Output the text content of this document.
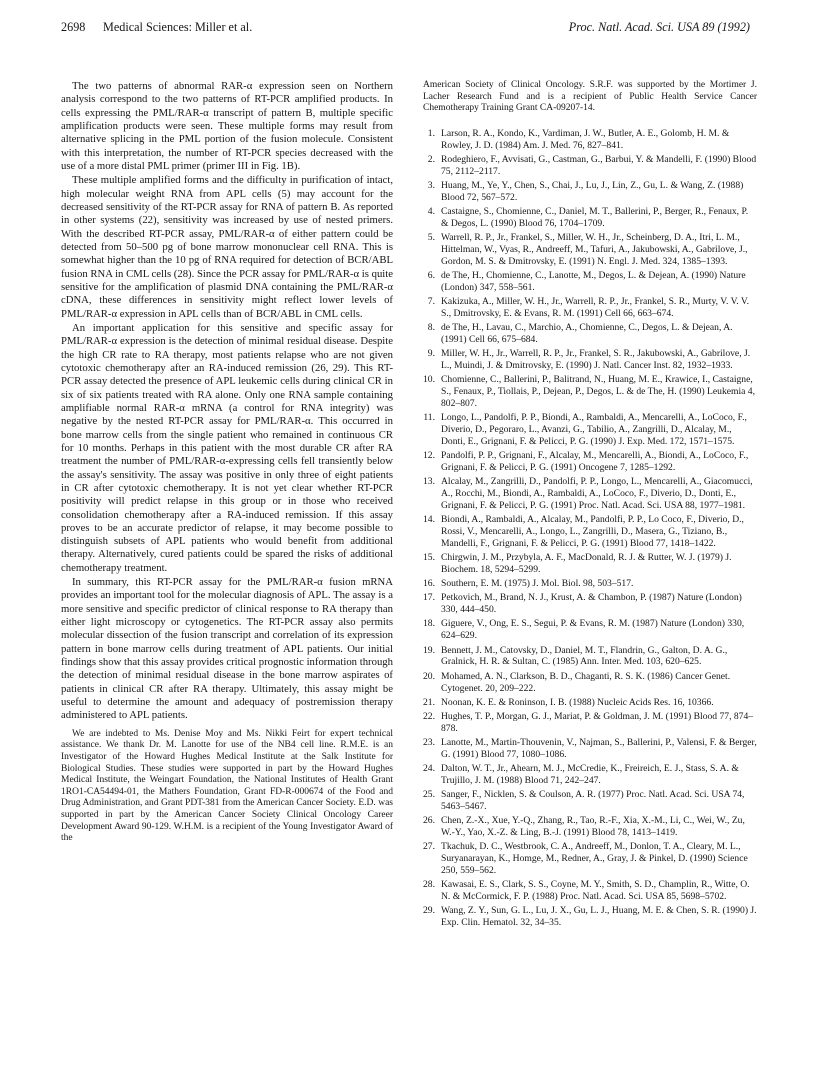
2698 Medical Sciences: Miller et al.	Proc. Natl. Acad. Sci. USA 89 (1992)

The two patterns of abnormal RAR-α expression seen on Northern analysis correspond to the two patterns of RT-PCR amplified products. In cells expressing the PML/RAR-α transcript of pattern B, multiple specific amplification products were seen. These multiple forms may result from alternative splicing in the PML portion of the fusion molecule. Consistent with this interpretation, the number of RT-PCR species decreased with the use of a more distal PML primer (primer III in Fig. 1B).

These multiple amplified forms and the difficulty in purification of intact, high molecular weight RNA from APL cells (5) may account for the decreased sensitivity of the RT-PCR assay for RNA of pattern B. As reported in other systems (22), sensitivity was increased by use of nested primers. With the described RT-PCR assay, PML/RAR-α of either pattern could be detected from 50–500 pg of bone marrow mononuclear cell RNA. This is somewhat higher than the 10 pg of RNA required for detection of BCR/ABL fusion RNA in CML cells (28). Since the PCR assay for PML/RAR-α is quite sensitive for the amplification of plasmid DNA containing the PML/RAR-α cDNA, these differences in sensitivity might reflect lower levels of PML/RAR-α expression in APL cells than of BCR/ABL in CML cells.

An important application for this sensitive and specific assay for PML/RAR-α expression is the detection of minimal residual disease. Despite the high CR rate to RA therapy, most patients relapse who are not given cytotoxic chemotherapy after an RA-induced remission (26, 29). This RT-PCR assay detected the presence of APL leukemic cells during clinical CR in six of six patients treated with RA alone. Only one RNA sample containing amplifiable normal RAR-α mRNA (a control for RNA integrity) was negative by the nested RT-PCR assay for PML/RAR-α. This occurred in bone marrow cells from the single patient who remained in continuous CR for 10 months. Perhaps in this patient with the most durable CR after RA treatment the number of PML/RAR-α-expressing cells fell transiently below the assay's sensitivity. The assay was positive in only three of eight patients in CR after cytotoxic chemotherapy. It is not yet clear whether RT-PCR positivity will predict relapse in this group or in those who received consolidation chemotherapy after a RA-induced remission. If this assay proves to be an accurate predictor of relapse, it may become possible to distinguish subsets of APL patients who would benefit from additional therapy. Alternatively, cured patients could be spared the risks of additional chemotherapy treatment.

In summary, this RT-PCR assay for the PML/RAR-α fusion mRNA provides an important tool for the molecular diagnosis of APL. The assay is a more sensitive and specific predictor of clinical response to RA therapy than either light microscopy or cytogenetics. The RT-PCR assay also permits molecular dissection of the fusion transcript and correlation of its expression pattern in bone marrow cells during treatment of APL patients. Our initial findings show that this assay provides critical prognostic information through the detection of minimal residual disease in the bone marrow aspirates of patients in clinical CR after RA therapy. Ultimately, this assay might be useful to determine the amount and adequacy of postremission therapy administered to APL patients.

We are indebted to Ms. Denise Moy and Ms. Nikki Feirt for expert technical assistance. We thank Dr. M. Lanotte for use of the NB4 cell line. R.M.E. is an Investigator of the Howard Hughes Medical Institute at the Salk Institute for Biological Studies. These studies were supported in part by the Howard Hughes Medical Institute, the Weingart Foundation, the National Institutes of Health Grant 1RO1-CA54494-01, the Mathers Foundation, Grant FD-R-000674 of the Food and Drug Administration, and Grant PDT-381 from the American Cancer Society. E.D. was supported in part by the American Cancer Society Clinical Oncology Career Development Award 90-129. W.H.M. is a recipient of the Young Investigator Award of the

American Society of Clinical Oncology. S.R.F. was supported by the Mortimer J. Lacher Research Fund and is a recipient of Public Health Service Cancer Chemotherapy Training Grant CA-09207-14.

1. Larson, R. A., Kondo, K., Vardiman, J. W., Butler, A. E., Golomb, H. M. & Rowley, J. D. (1984) Am. J. Med. 76, 827–841.
2. Rodeghiero, F., Avvisati, G., Castman, G., Barbui, Y. & Mandelli, F. (1990) Blood 75, 2112–2117.
3. Huang, M., Ye, Y., Chen, S., Chai, J., Lu, J., Lin, Z., Gu, L. & Wang, Z. (1988) Blood 72, 567–572.
4. Castaigne, S., Chomienne, C., Daniel, M. T., Ballerini, P., Berger, R., Fenaux, P. & Degos, L. (1990) Blood 76, 1704–1709.
5. Warrell, R. P., Jr., Frankel, S., Miller, W. H., Jr., Scheinberg, D. A., Itri, L. M., Hittelman, W., Vyas, R., Andreeff, M., Tafuri, A., Jakubowski, A., Gabrilove, J., Gordon, M. S. & Dmitrovsky, E. (1991) N. Engl. J. Med. 324, 1385–1393.
6. de The, H., Chomienne, C., Lanotte, M., Degos, L. & Dejean, A. (1990) Nature (London) 347, 558–561.
7. Kakizuka, A., Miller, W. H., Jr., Warrell, R. P., Jr., Frankel, S. R., Murty, V. V. V. S., Dmitrovsky, E. & Evans, R. M. (1991) Cell 66, 663–674.
8. de The, H., Lavau, C., Marchio, A., Chomienne, C., Degos, L. & Dejean, A. (1991) Cell 66, 675–684.
9. Miller, W. H., Jr., Warrell, R. P., Jr., Frankel, S. R., Jakubowski, A., Gabrilove, J. L., Muindi, J. & Dmitrovsky, E. (1990) J. Natl. Cancer Inst. 82, 1932–1933.
10. Chomienne, C., Ballerini, P., Balitrand, N., Huang, M. E., Krawice, I., Castaigne, S., Fenaux, P., Tiollais, P., Dejean, P., Degos, L. & de The, H. (1990) Leukemia 4, 802–807.
11. Longo, L., Pandolfi, P. P., Biondi, A., Rambaldi, A., Mencarelli, A., LoCoco, F., Diverio, D., Pegoraro, L., Avanzi, G., Tabilio, A., Zangrilli, D., Alcalay, M., Donti, E., Grignani, F. & Pelicci, P. G. (1990) J. Exp. Med. 172, 1571–1575.
12. Pandolfi, P. P., Grignani, F., Alcalay, M., Mencarelli, A., Biondi, A., LoCoco, F., Grignani, F. & Pelicci, P. G. (1991) Oncogene 7, 1285–1292.
13. Alcalay, M., Zangrilli, D., Pandolfi, P. P., Longo, L., Mencarelli, A., Giacomucci, A., Rocchi, M., Biondi, A., Rambaldi, A., LoCoco, F., Diverio, D., Donti, E., Grignani, F. & Pelicci, P. G. (1991) Proc. Natl. Acad. Sci. USA 88, 1977–1981.
14. Biondi, A., Rambaldi, A., Alcalay, M., Pandolfi, P. P., Lo Coco, F., Diverio, D., Rossi, V., Mencarelli, A., Longo, L., Zangrilli, D., Masera, G., Tiziano, B., Mandelli, F., Grignani, F. & Pelicci, P. G. (1991) Blood 77, 1418–1422.
15. Chirgwin, J. M., Przybyla, A. F., MacDonald, R. J. & Rutter, W. J. (1979) J. Biochem. 18, 5294–5299.
16. Southern, E. M. (1975) J. Mol. Biol. 98, 503–517.
17. Petkovich, M., Brand, N. J., Krust, A. & Chambon, P. (1987) Nature (London) 330, 444–450.
18. Giguere, V., Ong, E. S., Segui, P. & Evans, R. M. (1987) Nature (London) 330, 624–629.
19. Bennett, J. M., Catovsky, D., Daniel, M. T., Flandrin, G., Galton, D. A. G., Gralnick, H. R. & Sultan, C. (1985) Ann. Inter. Med. 103, 620–625.
20. Mohamed, A. N., Clarkson, B. D., Chaganti, R. S. K. (1986) Cancer Genet. Cytogenet. 20, 209–222.
21. Noonan, K. E. & Roninson, I. B. (1988) Nucleic Acids Res. 16, 10366.
22. Hughes, T. P., Morgan, G. J., Mariat, P. & Goldman, J. M. (1991) Blood 77, 874–878.
23. Lanotte, M., Martin-Thouvenin, V., Najman, S., Ballerini, P., Valensi, F. & Berger, G. (1991) Blood 77, 1080–1086.
24. Dalton, W. T., Jr., Ahearn, M. J., McCredie, K., Freireich, E. J., Stass, S. A. & Trujillo, J. M. (1988) Blood 71, 242–247.
25. Sanger, F., Nicklen, S. & Coulson, A. R. (1977) Proc. Natl. Acad. Sci. USA 74, 5463–5467.
26. Chen, Z.-X., Xue, Y.-Q., Zhang, R., Tao, R.-F., Xia, X.-M., Li, C., Wei, W., Zu, W.-Y., Yao, X.-Z. & Ling, B.-J. (1991) Blood 78, 1413–1419.
27. Tkachuk, D. C., Westbrook, C. A., Andreeff, M., Donlon, T. A., Cleary, M. L., Suryanarayan, K., Homge, M., Redner, A., Gray, J. & Pinkel, D. (1990) Science 250, 559–562.
28. Kawasai, E. S., Clark, S. S., Coyne, M. Y., Smith, S. D., Champlin, R., Witte, O. N. & McCormick, F. P. (1988) Proc. Natl. Acad. Sci. USA 85, 5698–5702.
29. Wang, Z. Y., Sun, G. L., Lu, J. X., Gu, L. J., Huang, M. E. & Chen, S. R. (1990) J. Exp. Clin. Hematol. 32, 34–35.
